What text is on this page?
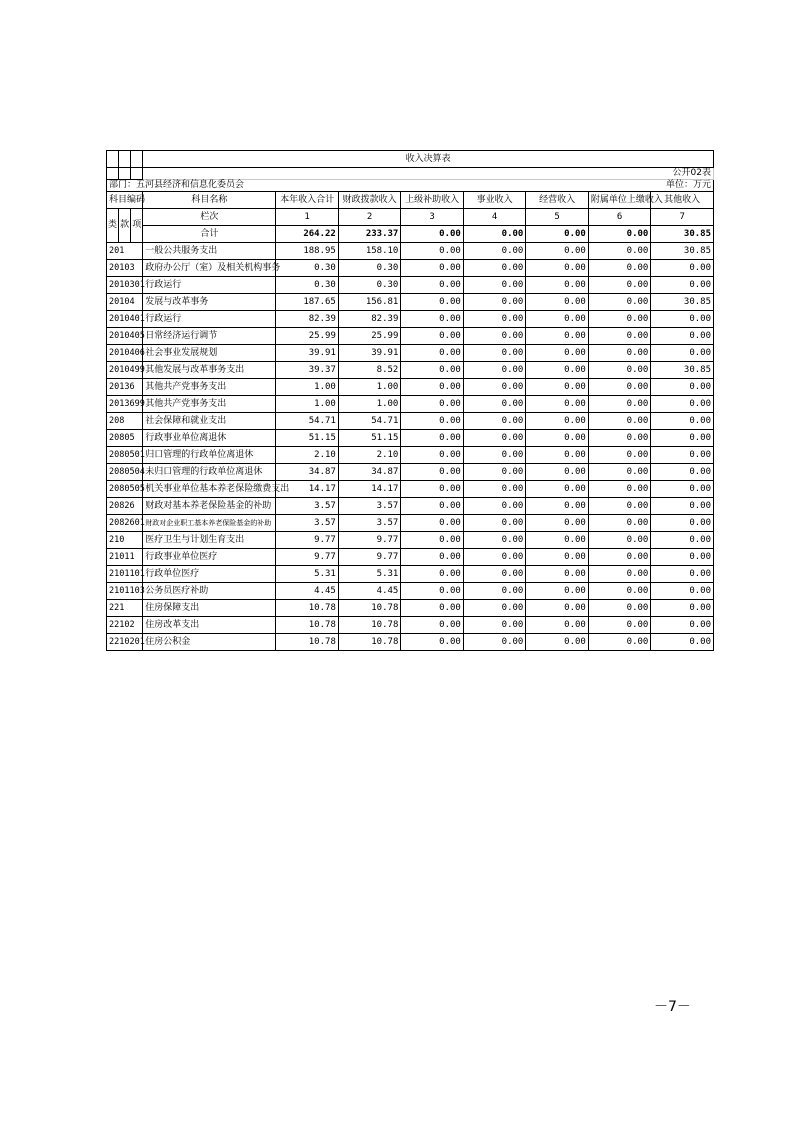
			收入决算表							
			公开02表							
部门：五河县经济和信息化委员会								单位：万元		
科目编码			科目名称	本年收入合计	财政拨款收入	上级补助收入	事业收入	经营收入	附属单位上缴收入	其他收入
类	款	项	栏次	1	2	3	4	5	6	7
			合计	264.22	233.37	0.00	0.00	0.00	0.00	30.85
201			一般公共服务支出	188.95	158.10	0.00	0.00	0.00	0.00	30.85
20103			政府办公厅（室）及相关机构事务	0.30	0.30	0.00	0.00	0.00	0.00	0.00
2010301			行政运行	0.30	0.30	0.00	0.00	0.00	0.00	0.00
20104			发展与改革事务	187.65	156.81	0.00	0.00	0.00	0.00	30.85
2010401			行政运行	82.39	82.39	0.00	0.00	0.00	0.00	0.00
2010405			日常经济运行调节	25.99	25.99	0.00	0.00	0.00	0.00	0.00
2010406			社会事业发展规划	39.91	39.91	0.00	0.00	0.00	0.00	0.00
2010499			其他发展与改革事务支出	39.37	8.52	0.00	0.00	0.00	0.00	30.85
20136			其他共产党事务支出	1.00	1.00	0.00	0.00	0.00	0.00	0.00
2013699			其他共产党事务支出	1.00	1.00	0.00	0.00	0.00	0.00	0.00
208			社会保障和就业支出	54.71	54.71	0.00	0.00	0.00	0.00	0.00
20805			行政事业单位离退休	51.15	51.15	0.00	0.00	0.00	0.00	0.00
2080501			归口管理的行政单位离退休	2.10	2.10	0.00	0.00	0.00	0.00	0.00
2080504			未归口管理的行政单位离退休	34.87	34.87	0.00	0.00	0.00	0.00	0.00
2080505			机关事业单位基本养老保险缴费支出	14.17	14.17	0.00	0.00	0.00	0.00	0.00
20826			财政对基本养老保险基金的补助	3.57	3.57	0.00	0.00	0.00	0.00	0.00
2082601			财政对企业职工基本养老保险基金的补助	3.57	3.57	0.00	0.00	0.00	0.00	0.00
210			医疗卫生与计划生育支出	9.77	9.77	0.00	0.00	0.00	0.00	0.00
21011			行政事业单位医疗	9.77	9.77	0.00	0.00	0.00	0.00	0.00
2101101			行政单位医疗	5.31	5.31	0.00	0.00	0.00	0.00	0.00
2101103			公务员医疗补助	4.45	4.45	0.00	0.00	0.00	0.00	0.00
221			住房保障支出	10.78	10.78	0.00	0.00	0.00	0.00	0.00
22102			住房改革支出	10.78	10.78	0.00	0.00	0.00	0.00	0.00
2210201			住房公积金	10.78	10.78	0.00	0.00	0.00	0.00	0.00
－7－
